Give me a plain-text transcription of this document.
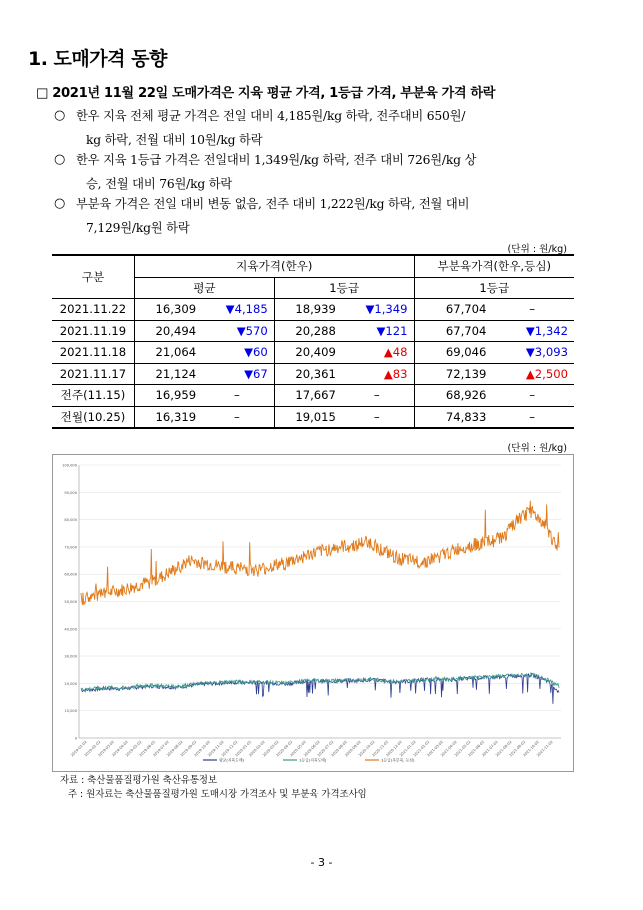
1. 도매가격 동향
□ 2021년 11월 22일 도매가격은 지육 평균 가격, 1등급 가격, 부분육 가격 하락
○ 한우 지육 전체 평균 가격은 전일 대비 4,185원/kg 하락, 전주대비 650원/
kg 하락, 전월 대비 10원/kg 하락
○ 한우 지육 1등급 가격은 전일대비 1,349원/kg 하락, 전주 대비 726원/kg 상
승, 전월 대비 76원/kg 하락
○ 부분육 가격은 전일 대비 변동 없음, 전주 대비 1,222원/kg 하락, 전월 대비
7,129원/kg원 하락
(단위 : 원/kg)
구분	지육가격(한우)				부분육가격(한우,등심)	
	평균		1등급		1등급	
2021.11.22	16,309	▼4,185	18,939	▼1,349	67,704	–
2021.11.19	20,494	▼570	20,288	▼121	67,704	▼1,342
2021.11.18	21,064	▼60	20,409	▲48	69,046	▼3,093
2021.11.17	21,124	▼67	20,361	▲83	72,139	▲2,500
전주(11.15)	16,959	–	17,667	–	68,926	–
전월(10.25)	16,319	–	19,015	–	74,833	–
(단위 : 원/kg)
0
10,000
20,000
30,000
40,000
50,000
60,000
70,000
80,000
90,000
100,000
2019-01-02
2019-02-02
2019-03-02
2019-04-02
2019-05-02
2019-06-02
2019-07-02
2019-08-02
2019-09-02
2019-10-02
2019-11-02
2019-12-02
2020-01-02
2020-02-02
2020-03-02
2020-04-02
2020-05-02
2020-06-02
2020-07-02
2020-08-02
2020-09-02
2020-10-02
2020-11-02
2020-12-02
2021-01-02
2021-02-02
2021-03-02
2021-04-02
2021-05-02
2021-06-02
2021-07-02
2021-08-02
2021-09-02
2021-10-02
2021-11-02
평균(지육도매)	1등급(지육도매)	1등급(부분육, 등심)
자료 : 축산물품질평가원 축산유통정보
주 : 원자료는 축산물품질평가원 도매시장 가격조사 및 부분육 가격조사임
- 3 -
